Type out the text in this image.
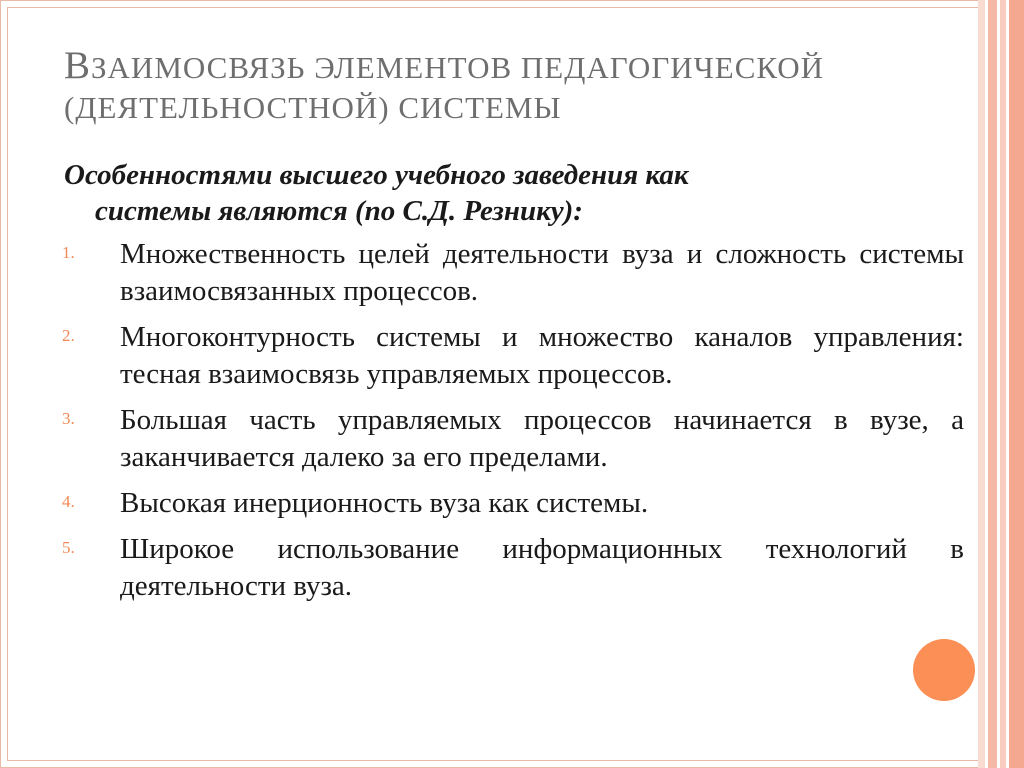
ВЗАИМОСВЯЗЬ ЭЛЕМЕНТОВ ПЕДАГОГИЧЕСКОЙ
(ДЕЯТЕЛЬНОСТНОЙ) СИСТЕМЫ
Особенностями высшего учебного заведения как
системы являются (по С.Д. Резнику):
1. Множественность целей деятельности вуза и сложность системы взаимосвязанных процессов.
2. Многоконтурность системы и множество каналов управления: тесная взаимосвязь управляемых процессов.
3. Большая часть управляемых процессов начинается в вузе, а заканчивается далеко за его пределами.
4. Высокая инерционность вуза как системы.
5. Широкое использование информационных технологий в деятельности вуза.
